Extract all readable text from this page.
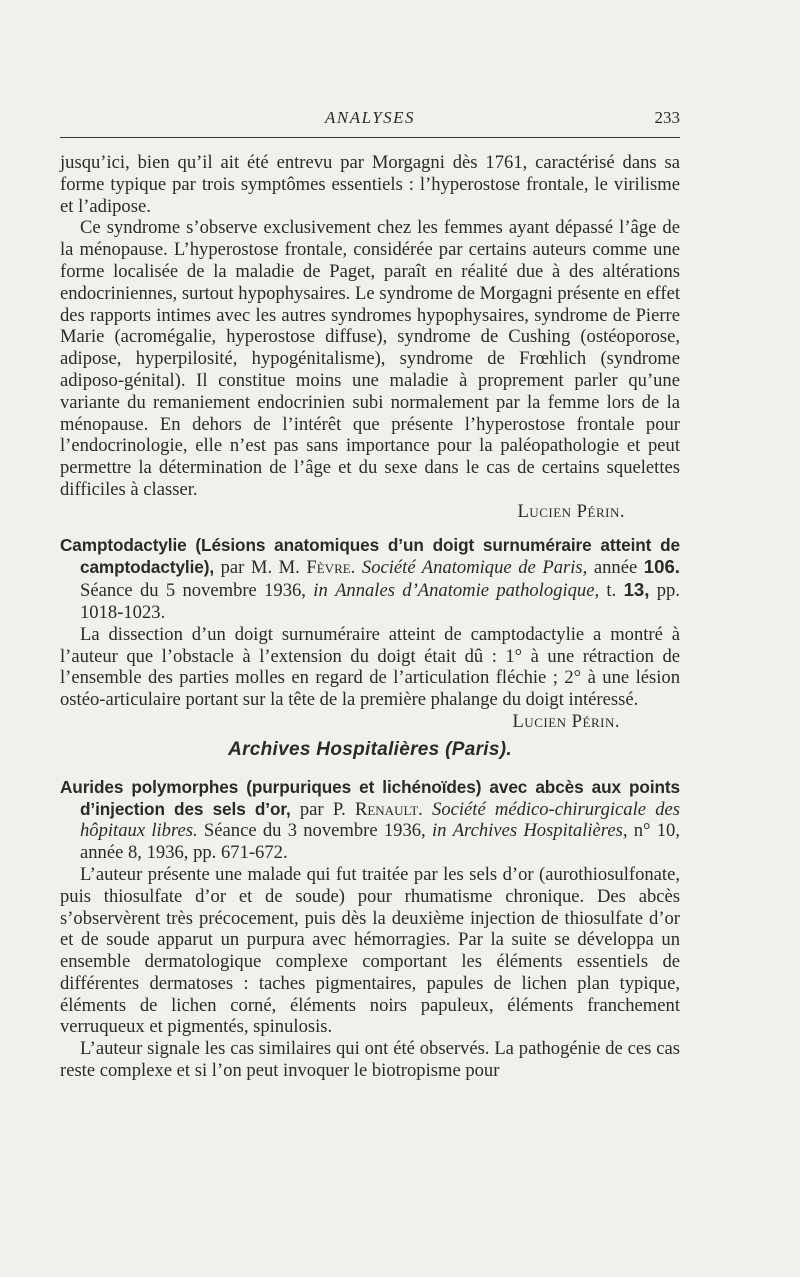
ANALYSES	233

jusqu’ici, bien qu’il ait été entrevu par Morgagni dès 1761, caractérisé dans sa forme typique par trois symptômes essentiels : l’hyperostose frontale, le virilisme et l’adipose.

Ce syndrome s’observe exclusivement chez les femmes ayant dépassé l’âge de la ménopause. L’hyperostose frontale, considérée par certains auteurs comme une forme localisée de la maladie de Paget, paraît en réalité due à des altérations endocriniennes, surtout hypophysaires. Le syndrome de Morgagni présente en effet des rapports intimes avec les autres syndromes hypophysaires, syndrome de Pierre Marie (acromégalie, hyperostose diffuse), syndrome de Cushing (ostéoporose, adipose, hyperpilosité, hypogénitalisme), syndrome de Frœhlich (syndrome adiposo-génital). Il constitue moins une maladie à proprement parler qu’une variante du remaniement endocrinien subi normalement par la femme lors de la ménopause. En dehors de l’intérêt que présente l’hyperostose frontale pour l’endocrinologie, elle n’est pas sans importance pour la paléopathologie et peut permettre la détermination de l’âge et du sexe dans le cas de certains squelettes difficiles à classer.

Lucien Périn.

Camptodactylie (Lésions anatomiques d’un doigt surnuméraire atteint de camptodactylie), par M. M. Fèvre. Société Anatomique de Paris, année 106. Séance du 5 novembre 1936, in Annales d’Anatomie pathologique, t. 13, pp. 1018-1023.

La dissection d’un doigt surnuméraire atteint de camptodactylie a montré à l’auteur que l’obstacle à l’extension du doigt était dû : 1° à une rétraction de l’ensemble des parties molles en regard de l’articulation fléchie ; 2° à une lésion ostéo-articulaire portant sur la tête de la première phalange du doigt intéressé.
Lucien Périn.

Archives Hospitalières (Paris).

Aurides polymorphes (purpuriques et lichénoïdes) avec abcès aux points d’injection des sels d’or, par P. Renault. Société médico-chirurgicale des hôpitaux libres. Séance du 3 novembre 1936, in Archives Hospitalières, n° 10, année 8, 1936, pp. 671-672.

L’auteur présente une malade qui fut traitée par les sels d’or (aurothiosulfonate, puis thiosulfate d’or et de soude) pour rhumatisme chronique. Des abcès s’observèrent très précocement, puis dès la deuxième injection de thiosulfate d’or et de soude apparut un purpura avec hémorragies. Par la suite se développa un ensemble dermatologique complexe comportant les éléments essentiels de différentes dermatoses : taches pigmentaires, papules de lichen plan typique, éléments de lichen corné, éléments noirs papuleux, éléments franchement verruqueux et pigmentés, spinulosis.

L’auteur signale les cas similaires qui ont été observés. La pathogénie de ces cas reste complexe et si l’on peut invoquer le biotropisme pour
